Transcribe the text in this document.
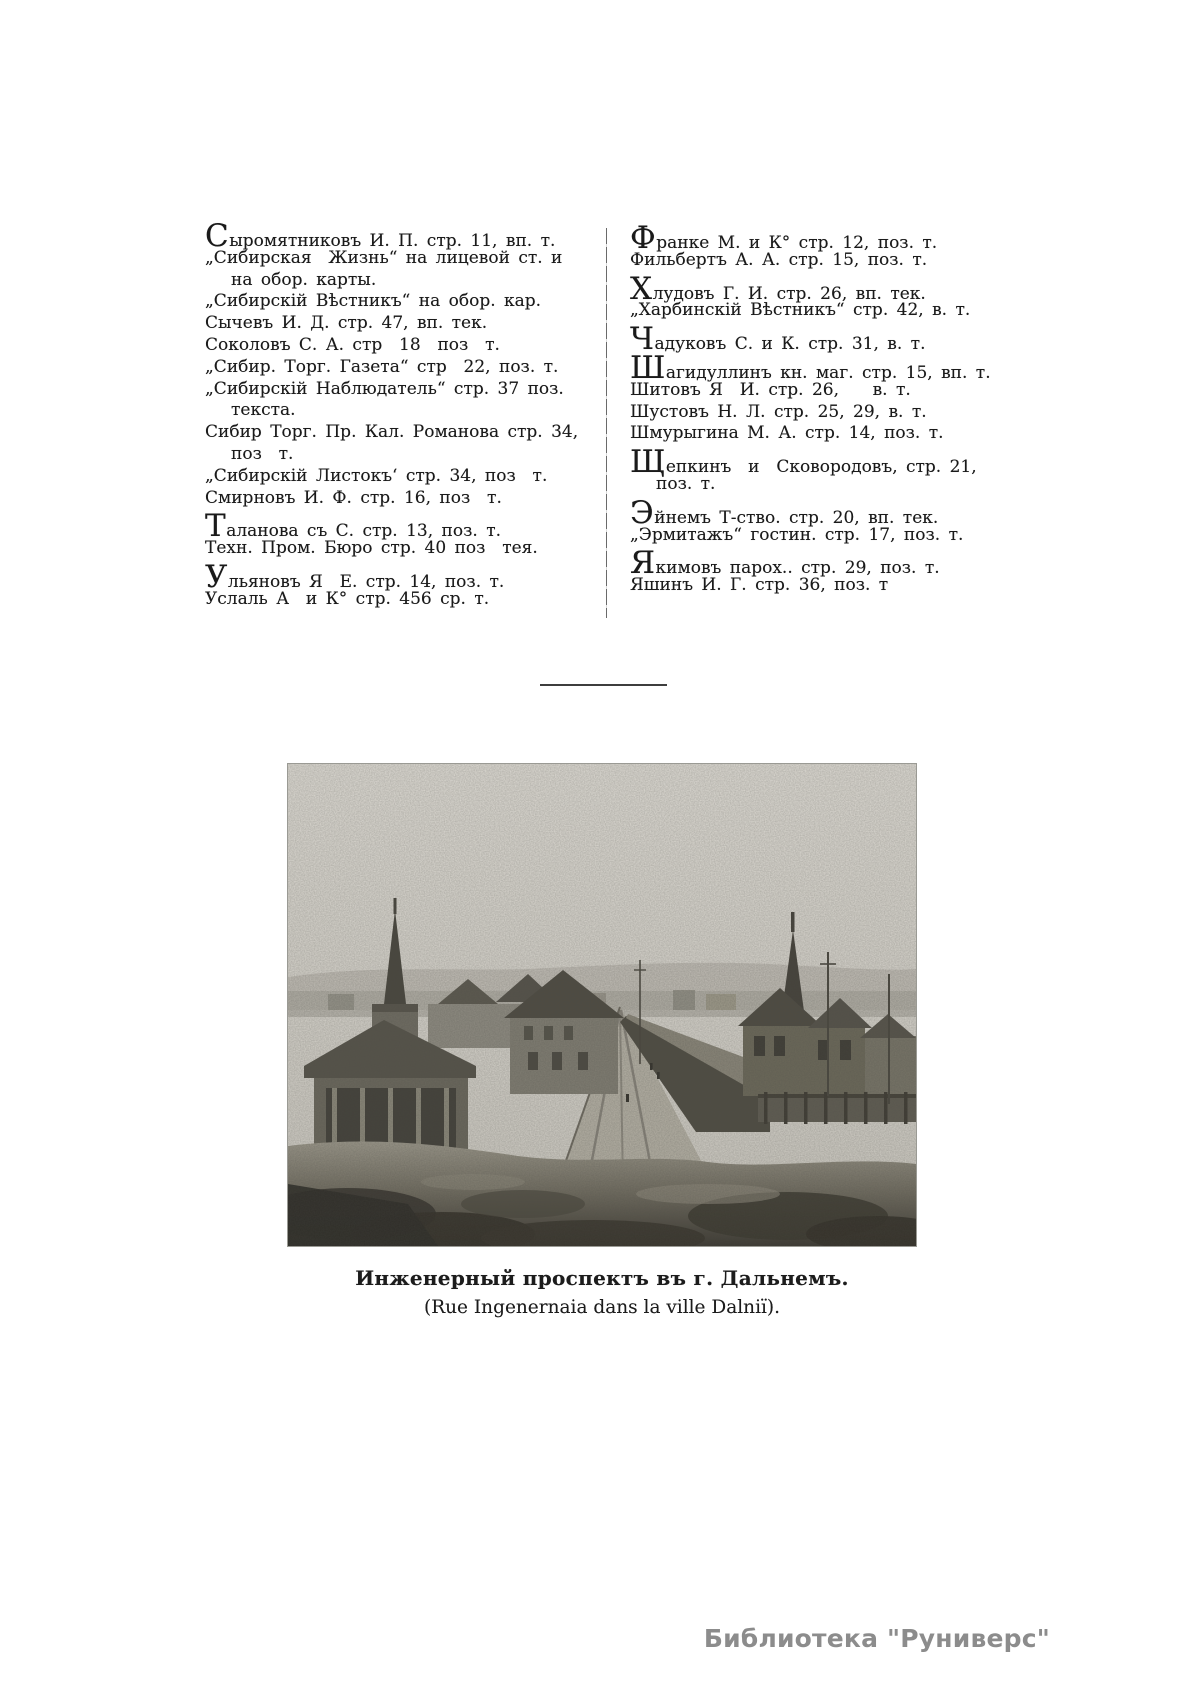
Сыромятниковъ И. П. стр. 11, вп. т.
„Сибирская  Жизнь“ на лицевой ст. и
на обор. карты.
„Сибирскій Вѣстникъ“ на обор. кар.
Сычевъ И. Д. стр. 47, вп. тек.
Соколовъ С. А. стр  18  поз  т.
„Сибир. Торг. Газета“ стр  22, поз. т.
„Сибирскій Наблюдатель“ стр. 37 поз.
текста.
Сибир Торг. Пр. Кал. Романова стр. 34,
поз  т.
„Сибирскій Листокъ‘ стр. 34, поз  т.
Смирновъ И. Ф. стр. 16, поз  т.
Таланова съ С. стр. 13, поз. т.
Техн. Пром. Бюро стр. 40 поз  тея.
Ульяновъ Я  Е. стр. 14, поз. т.
Услаль А  и К° стр. 456 ср. т.
Франке М. и К° стр. 12, поз. т.
Фильбертъ А. А. стр. 15, поз. т.
Хлудовъ Г. И. стр. 26, вп. тек.
„Харбинскій Вѣстникъ“ стр. 42, в. т.
Чадуковъ С. и К. стр. 31, в. т.
Шагидуллинъ кн. маг. стр. 15, вп. т.
Шитовъ Я  И. стр. 26,    в. т.
Шустовъ Н. Л. стр. 25, 29, в. т.
Шмурыгина М. А. стр. 14, поз. т.
Щепкинъ  и  Сковородовъ, стр. 21,
поз. т.
Эйнемъ Т-ство. стр. 20, вп. тек.
„Эрмитажъ“ гостин. стр. 17, поз. т.
Якимовъ парох.. стр. 29, поз. т.
Яшинъ И. Г. стр. 36, поз. т
Инженерный проспектъ въ г. Дальнемъ.
(Rue Ingenernaia dans la ville Dalniï).
Библиотека "Руниверс"
